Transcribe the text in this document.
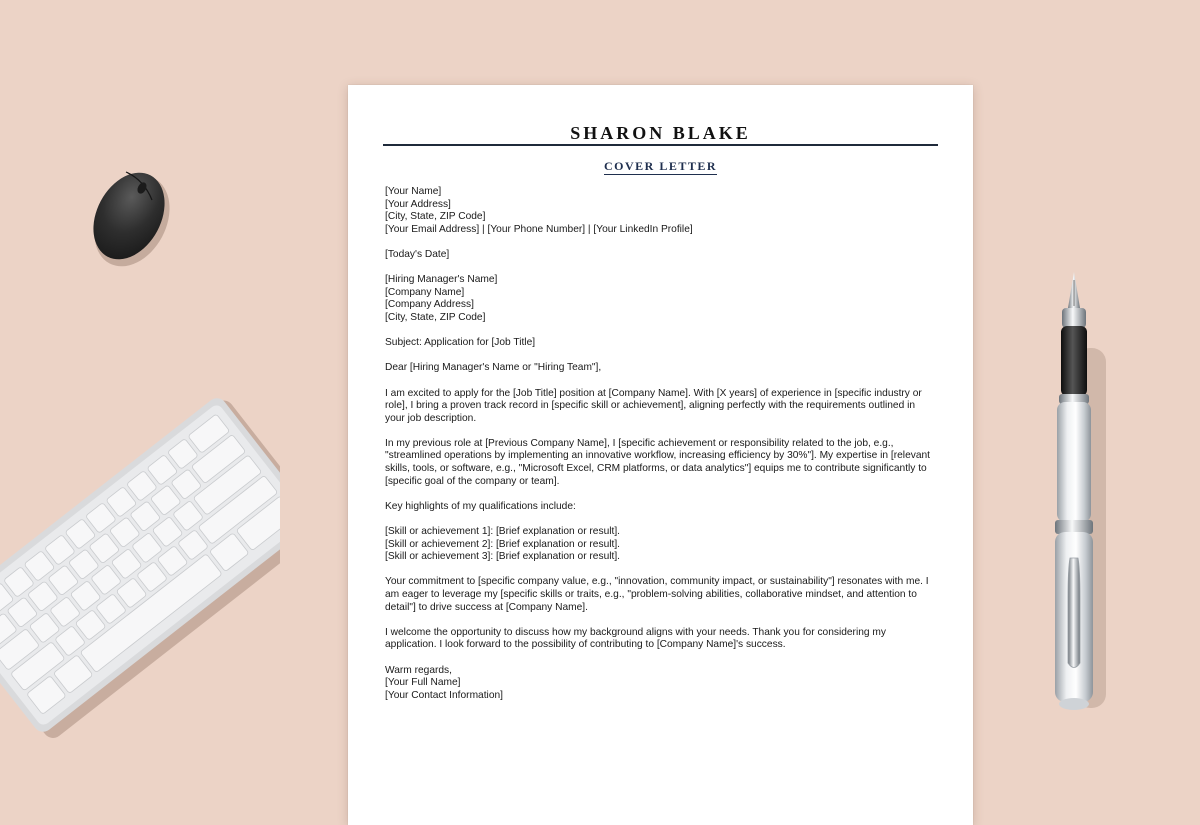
SHARON BLAKE
COVER LETTER
[Your Name]
[Your Address]
[City, State, ZIP Code]
[Your Email Address] | [Your Phone Number] | [Your LinkedIn Profile]
[Today's Date]
[Hiring Manager's Name]
[Company Name]
[Company Address]
[City, State, ZIP Code]
Subject: Application for [Job Title]
Dear [Hiring Manager's Name or "Hiring Team"],
I am excited to apply for the [Job Title] position at [Company Name]. With [X years] of experience in [specific industry or
role], I bring a proven track record in [specific skill or achievement], aligning perfectly with the requirements outlined in
your job description.
In my previous role at [Previous Company Name], I [specific achievement or responsibility related to the job, e.g.,
"streamlined operations by implementing an innovative workflow, increasing efficiency by 30%"]. My expertise in [relevant
skills, tools, or software, e.g., "Microsoft Excel, CRM platforms, or data analytics"] equips me to contribute significantly to
[specific goal of the company or team].
Key highlights of my qualifications include:
[Skill or achievement 1]: [Brief explanation or result].
[Skill or achievement 2]: [Brief explanation or result].
[Skill or achievement 3]: [Brief explanation or result].
Your commitment to [specific company value, e.g., "innovation, community impact, or sustainability"] resonates with me. I
am eager to leverage my [specific skills or traits, e.g., "problem-solving abilities, collaborative mindset, and attention to
detail"] to drive success at [Company Name].
I welcome the opportunity to discuss how my background aligns with your needs. Thank you for considering my
application. I look forward to the possibility of contributing to [Company Name]'s success.
Warm regards,
[Your Full Name]
[Your Contact Information]
